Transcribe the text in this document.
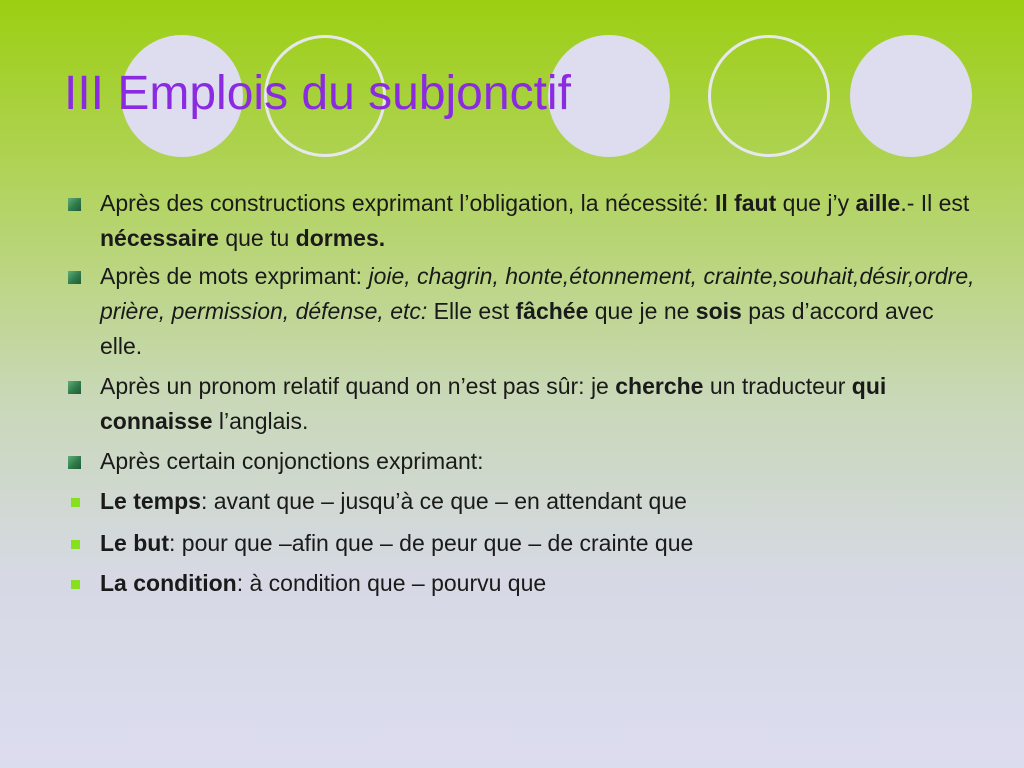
III Emplois du subjonctif
Après des constructions exprimant l’obligation, la nécessité: Il faut que j’y aille.- Il est nécessaire que tu dormes.
Après de mots exprimant: joie, chagrin, honte,étonnement, crainte,souhait,désir,ordre, prière, permission, défense, etc: Elle est fâchée que je ne sois pas d’accord avec elle.
Après un pronom relatif quand on n’est pas sûr: je cherche un traducteur qui connaisse l’anglais.
Après certain conjonctions exprimant:
Le temps: avant que – jusqu’à ce que – en attendant que
Le but: pour que –afin que – de peur que – de crainte que
La condition: à condition que – pourvu que
